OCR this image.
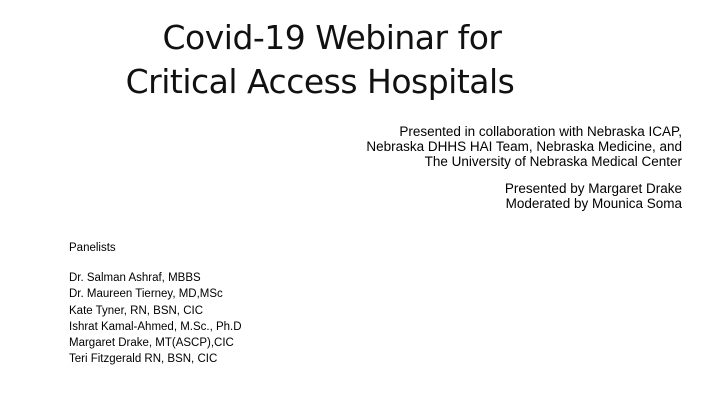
Covid-19 Webinar for
Critical Access Hospitals
Presented in collaboration with Nebraska ICAP,
Nebraska DHHS HAI Team, Nebraska Medicine, and
The University of Nebraska Medical Center
Presented by Margaret Drake
Moderated by Mounica Soma
Panelists
Dr. Salman Ashraf, MBBS
Dr. Maureen Tierney, MD,MSc
Kate Tyner, RN, BSN, CIC
Ishrat Kamal-Ahmed, M.Sc., Ph.D
Margaret Drake, MT(ASCP),CIC
Teri Fitzgerald RN, BSN, CIC
